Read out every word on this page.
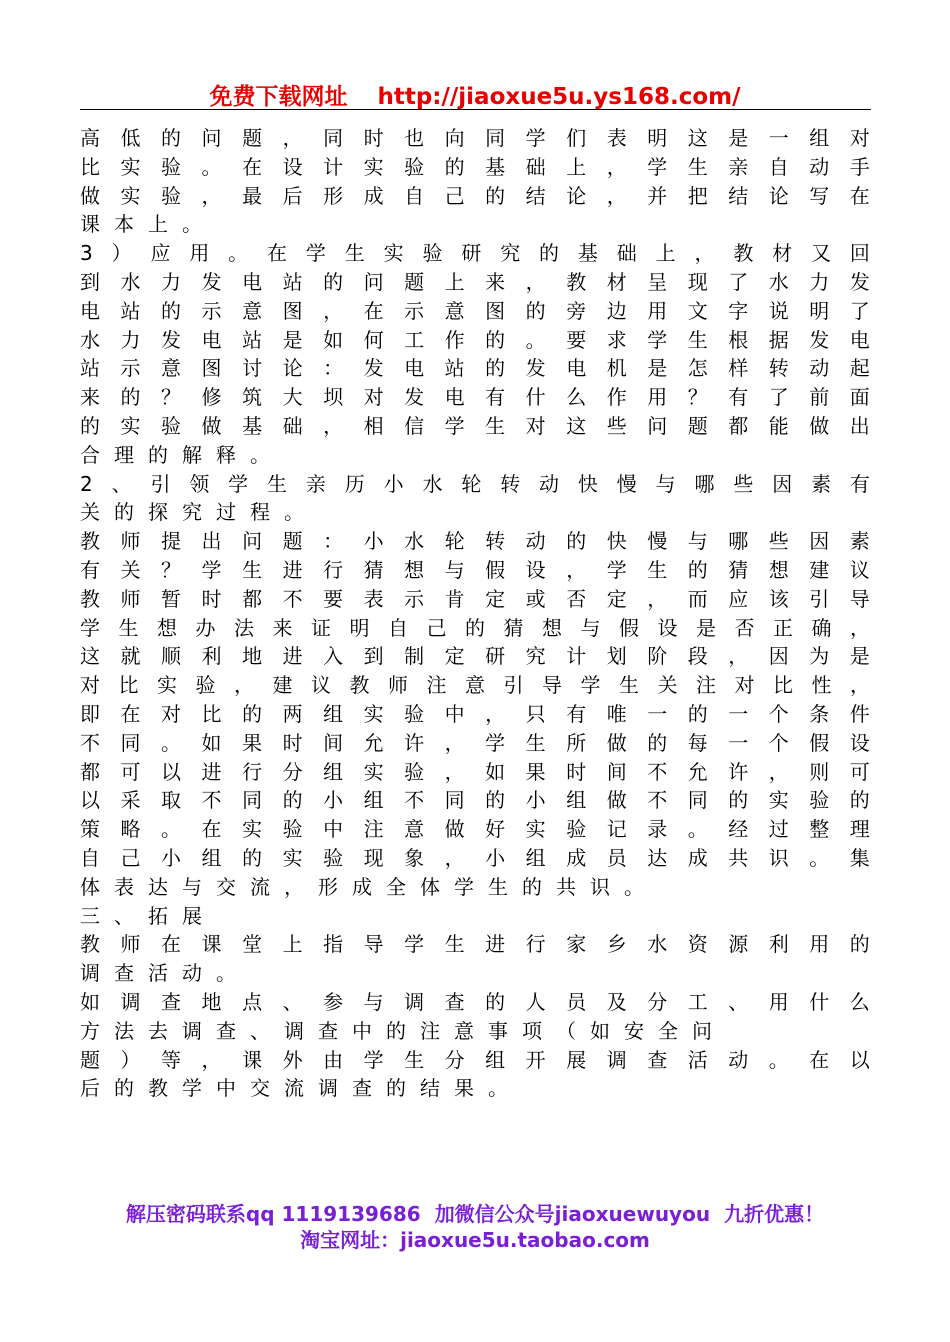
免费下载网址 http://jiaoxue5u.ys168.com/
高 低 的 问 题 ， 同 时 也 向 同 学 们 表 明 这 是 一 组 对
比 实 验 。 在 设 计 实 验 的 基 础 上 ， 学 生 亲 自 动 手
做 实 验 ， 最 后 形 成 自 己 的 结 论 ， 并 把 结 论 写 在
课本上。
3 ） 应 用 。 在 学 生 实 验 研 究 的 基 础 上 ， 教 材 又 回
到 水 力 发 电 站 的 问 题 上 来 ， 教 材 呈 现 了 水 力 发
电 站 的 示 意 图 ， 在 示 意 图 的 旁 边 用 文 字 说 明 了
水 力 发 电 站 是 如 何 工 作 的 。 要 求 学 生 根 据 发 电
站 示 意 图 讨 论 ： 发 电 站 的 发 电 机 是 怎 样 转 动 起
来 的 ？ 修 筑 大 坝 对 发 电 有 什 么 作 用 ？ 有 了 前 面
的 实 验 做 基 础 ， 相 信 学 生 对 这 些 问 题 都 能 做 出
合理的解释。
2 、 引 领 学 生 亲 历 小 水 轮 转 动 快 慢 与 哪 些 因 素 有
关的探究过程。
教 师 提 出 问 题 ： 小 水 轮 转 动 的 快 慢 与 哪 些 因 素
有 关 ？ 学 生 进 行 猜 想 与 假 设 ， 学 生 的 猜 想 建 议
教 师 暂 时 都 不 要 表 示 肯 定 或 否 定 ， 而 应 该 引 导
学 生 想 办 法 来 证 明 自 己 的 猜 想 与 假 设 是 否 正 确 ，
这 就 顺 利 地 进 入 到 制 定 研 究 计 划 阶 段 ， 因 为 是
对 比 实 验 ， 建 议 教 师 注 意 引 导 学 生 关 注 对 比 性 ，
即 在 对 比 的 两 组 实 验 中 ， 只 有 唯 一 的 一 个 条 件
不 同 。 如 果 时 间 允 许 ， 学 生 所 做 的 每 一 个 假 设
都 可 以 进 行 分 组 实 验 ， 如 果 时 间 不 允 许 ， 则 可
以 采 取 不 同 的 小 组 不 同 的 小 组 做 不 同 的 实 验 的
策 略 。 在 实 验 中 注 意 做 好 实 验 记 录 。 经 过 整 理
自 己 小 组 的 实 验 现 象 ， 小 组 成 员 达 成 共 识 。 集
体表达与交流，形成全体学生的共识。
三、拓展
教 师 在 课 堂 上 指 导 学 生 进 行 家 乡 水 资 源 利 用 的
调查活动。
如 调 查 地 点 、 参 与 调 查 的 人 员 及 分 工 、 用 什 么
方法去调查、调查中的注意事项（如安全问
题 ） 等 ， 课 外 由 学 生 分 组 开 展 调 查 活 动 。 在 以
后的教学中交流调查的结果。
解压密码联系qq 1119139686 加微信公众号jiaoxuewuyou 九折优惠！
淘宝网址：jiaoxue5u.taobao.com
